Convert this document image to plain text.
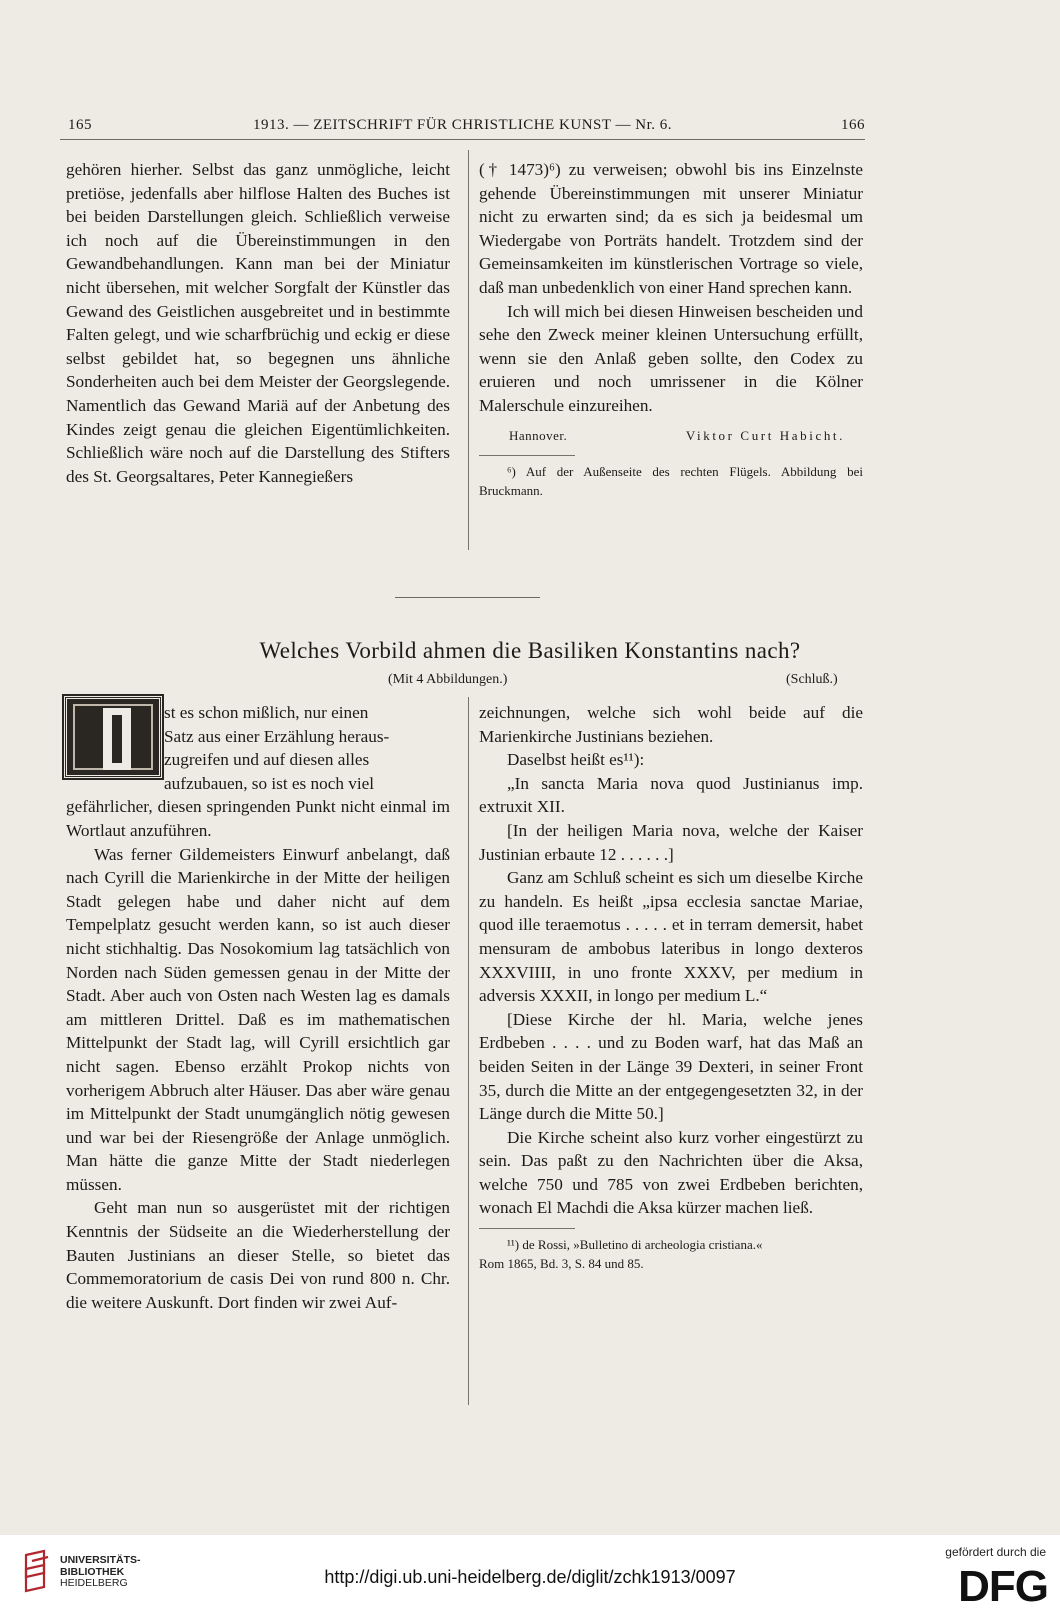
165	1913. — ZEITSCHRIFT FÜR CHRISTLICHE KUNST — Nr. 6.	166

gehören hierher. Selbst das ganz unmögliche, leicht pretiöse, jedenfalls aber hilflose Halten des Buches ist bei beiden Darstellungen gleich. Schließlich verweise ich noch auf die Übereinstimmungen in den Gewandbehandlungen. Kann man bei der Miniatur nicht übersehen, mit welcher Sorgfalt der Künstler das Gewand des Geistlichen ausgebreitet und in bestimmte Falten gelegt, und wie scharfbrüchig und eckig er diese selbst gebildet hat, so begegnen uns ähnliche Sonderheiten auch bei dem Meister der Georgslegende. Namentlich das Gewand Mariä auf der Anbetung des Kindes zeigt genau die gleichen Eigentümlichkeiten. Schließlich wäre noch auf die Darstellung des Stifters des St. Georgsaltares, Peter Kannegießers

(† 1473)⁶) zu verweisen; obwohl bis ins Einzelnste gehende Übereinstimmungen mit unserer Miniatur nicht zu erwarten sind; da es sich ja beidesmal um Wiedergabe von Porträts handelt. Trotzdem sind der Gemeinsamkeiten im künstlerischen Vortrage so viele, daß man unbedenklich von einer Hand sprechen kann.

Ich will mich bei diesen Hinweisen bescheiden und sehe den Zweck meiner kleinen Untersuchung erfüllt, wenn sie den Anlaß geben sollte, den Codex zu eruieren und noch umrissener in die Kölner Malerschule einzureihen.

Hannover.	Viktor Curt Habicht.
⁶) Auf der Außenseite des rechten Flügels. Abbildung bei Bruckmann.
Welches Vorbild ahmen die Basiliken Konstantins nach?
(Mit 4 Abbildungen.)	(Schluß.)
st es schon mißlich, nur einen
Satz aus einer Erzählung heraus-
zugreifen und auf diesen alles
aufzubauen, so ist es noch viel

gefährlicher, diesen springenden Punkt nicht einmal im Wortlaut anzuführen.

Was ferner Gildemeisters Einwurf anbelangt, daß nach Cyrill die Marienkirche in der Mitte der heiligen Stadt gelegen habe und daher nicht auf dem Tempelplatz gesucht werden kann, so ist auch dieser nicht stichhaltig. Das Nosokomium lag tatsächlich von Norden nach Süden gemessen genau in der Mitte der Stadt. Aber auch von Osten nach Westen lag es damals am mittleren Drittel. Daß es im mathematischen Mittelpunkt der Stadt lag, will Cyrill ersichtlich gar nicht sagen. Ebenso erzählt Prokop nichts von vorherigem Abbruch alter Häuser. Das aber wäre genau im Mittelpunkt der Stadt unumgänglich nötig gewesen und war bei der Riesengröße der Anlage unmöglich. Man hätte die ganze Mitte der Stadt niederlegen müssen.

Geht man nun so ausgerüstet mit der richtigen Kenntnis der Südseite an die Wiederherstellung der Bauten Justinians an dieser Stelle, so bietet das Commemoratorium de casis Dei von rund 800 n. Chr. die weitere Auskunft. Dort finden wir zwei Auf-

zeichnungen, welche sich wohl beide auf die Marienkirche Justinians beziehen.

Daselbst heißt es¹¹):

„In sancta Maria nova quod Justinianus imp. extruxit XII.

[In der heiligen Maria nova, welche der Kaiser Justinian erbaute 12 . . . . . .]

Ganz am Schluß scheint es sich um dieselbe Kirche zu handeln. Es heißt „ipsa ecclesia sanctae Mariae, quod ille teraemotus . . . . . et in terram demersit, habet mensuram de ambobus lateribus in longo dexteros XXXVIIII, in uno fronte XXXV, per medium in adversis XXXII, in longo per medium L.“

[Diese Kirche der hl. Maria, welche jenes Erdbeben . . . . und zu Boden warf, hat das Maß an beiden Seiten in der Länge 39 Dexteri, in seiner Front 35, durch die Mitte an der entgegengesetzten 32, in der Länge durch die Mitte 50.]

Die Kirche scheint also kurz vorher eingestürzt zu sein. Das paßt zu den Nachrichten über die Aksa, welche 750 und 785 von zwei Erdbeben berichten, wonach El Machdi die Aksa kürzer machen ließ.

¹¹) de Rossi, »Bulletino di archeologia cristiana.«
Rom 1865, Bd. 3, S. 84 und 85.
UNIVERSITÄTS-
BIBLIOTHEK
HEIDELBERG	http://digi.ub.uni-heidelberg.de/diglit/zchk1913/0097
gefördert durch die
DFG
